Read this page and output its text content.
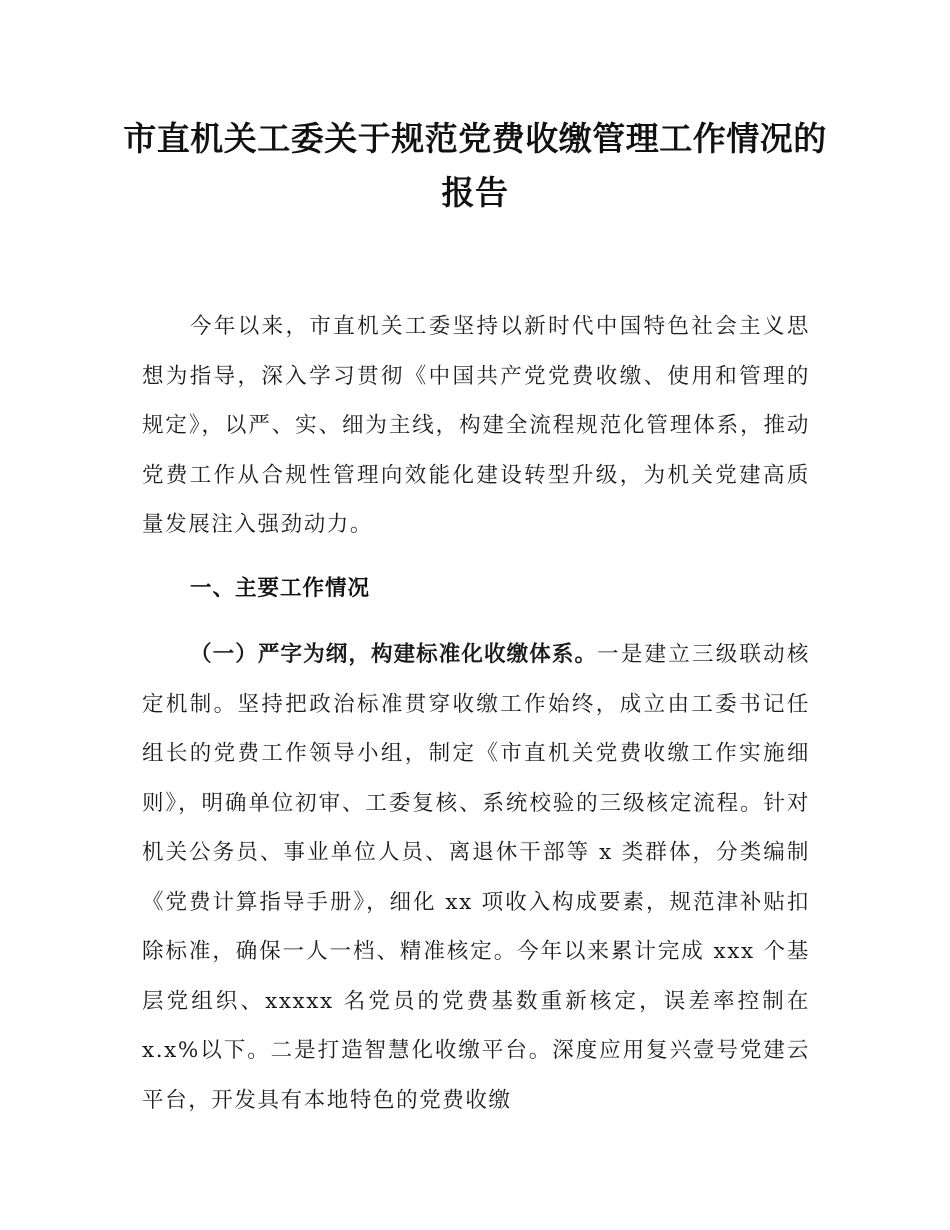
市直机关工委关于规范党费收缴管理工作情况的报告

今年以来，市直机关工委坚持以新时代中国特色社会主义思想为指导，深入学习贯彻《中国共产党党费收缴、使用和管理的规定》，以严、实、细为主线，构建全流程规范化管理体系，推动党费工作从合规性管理向效能化建设转型升级，为机关党建高质量发展注入强劲动力。

一、主要工作情况

（一）严字为纲，构建标准化收缴体系。一是建立三级联动核定机制。坚持把政治标准贯穿收缴工作始终，成立由工委书记任组长的党费工作领导小组，制定《市直机关党费收缴工作实施细则》，明确单位初审、工委复核、系统校验的三级核定流程。针对机关公务员、事业单位人员、离退休干部等 x 类群体，分类编制《党费计算指导手册》，细化 xx 项收入构成要素，规范津补贴扣除标准，确保一人一档、精准核定。今年以来累计完成 xxx 个基层党组织、xxxxx 名党员的党费基数重新核定，误差率控制在 x.x%以下。二是打造智慧化收缴平台。深度应用复兴壹号党建云平台，开发具有本地特色的党费收缴
